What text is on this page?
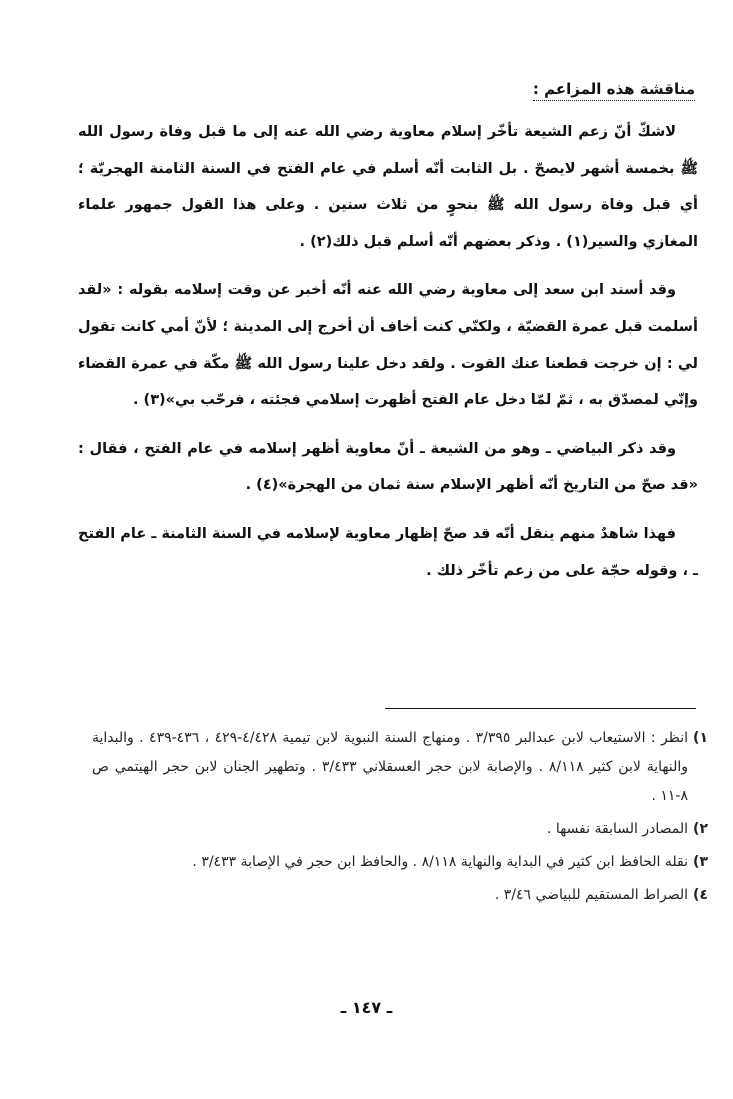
مناقشة هذه المزاعم :

لاشكّ أنّ زعم الشيعة تأخّر إسلام معاوية رضي الله عنه إلى ما قبل وفاة رسول الله ﷺ بخمسة أشهر لايصحّ . بل الثابت أنّه أسلم في عام الفتح في السنة الثامنة الهجريّة ؛ أي قبل وفاة رسول الله ﷺ بنحوٍ من ثلاث سنين . وعلى هذا القول جمهور علماء المغازي والسير(١) . وذكر بعضهم أنّه أسلم قبل ذلك(٢) .

وقد أسند ابن سعد إلى معاوية رضي الله عنه أنّه أخبر عن وقت إسلامه بقوله : «لقد أسلمت قبل عمرة القضيّة ، ولكنّي كنت أخاف أن أخرج إلى المدينة ؛ لأنّ أمي كانت تقول لي : إن خرجت قطعنا عنك القوت . ولقد دخل علينا رسول الله ﷺ مكّة في عمرة القضاء وإنّي لمصدّق به ، ثمّ لمّا دخل عام الفتح أظهرت إسلامي فجئته ، فرحّب بي»(٣) .

وقد ذكر البياضي ـ وهو من الشيعة ـ أنّ معاوية أظهر إسلامه في عام الفتح ، فقال : «قد صحّ من التاريخ أنّه أظهر الإسلام سنة ثمان من الهجرة»(٤) .

فهذا شاهدٌ منهم ينقل أنّه قد صحّ إظهار معاوية لإسلامه في السنة الثامنة ـ عام الفتح ـ ، وقوله حجّة على من زعم تأخّر ذلك .

١)
انظر : الاستيعاب لابن عبدالبر ٣/٣٩٥ . ومنهاج السنة النبوية لابن تيمية ٤/٤٢٨-٤٢٩ ، ٤٣٦-٤٣٩ . والبداية والنهاية لابن كثير ٨/١١٨ . والإصابة لابن حجر العسقلاني ٣/٤٣٣ . وتطهير الجنان لابن حجر الهيتمي ص ٨-١١ .
٢)
المصادر السابقة نفسها .
٣)
نقله الحافظ ابن كثير في البداية والنهاية ٨/١١٨ . والحافظ ابن حجر في الإصابة ٣/٤٣٣ .
٤)
الصراط المستقيم للبياضي ٣/٤٦ .
ـ ١٤٧ ـ
